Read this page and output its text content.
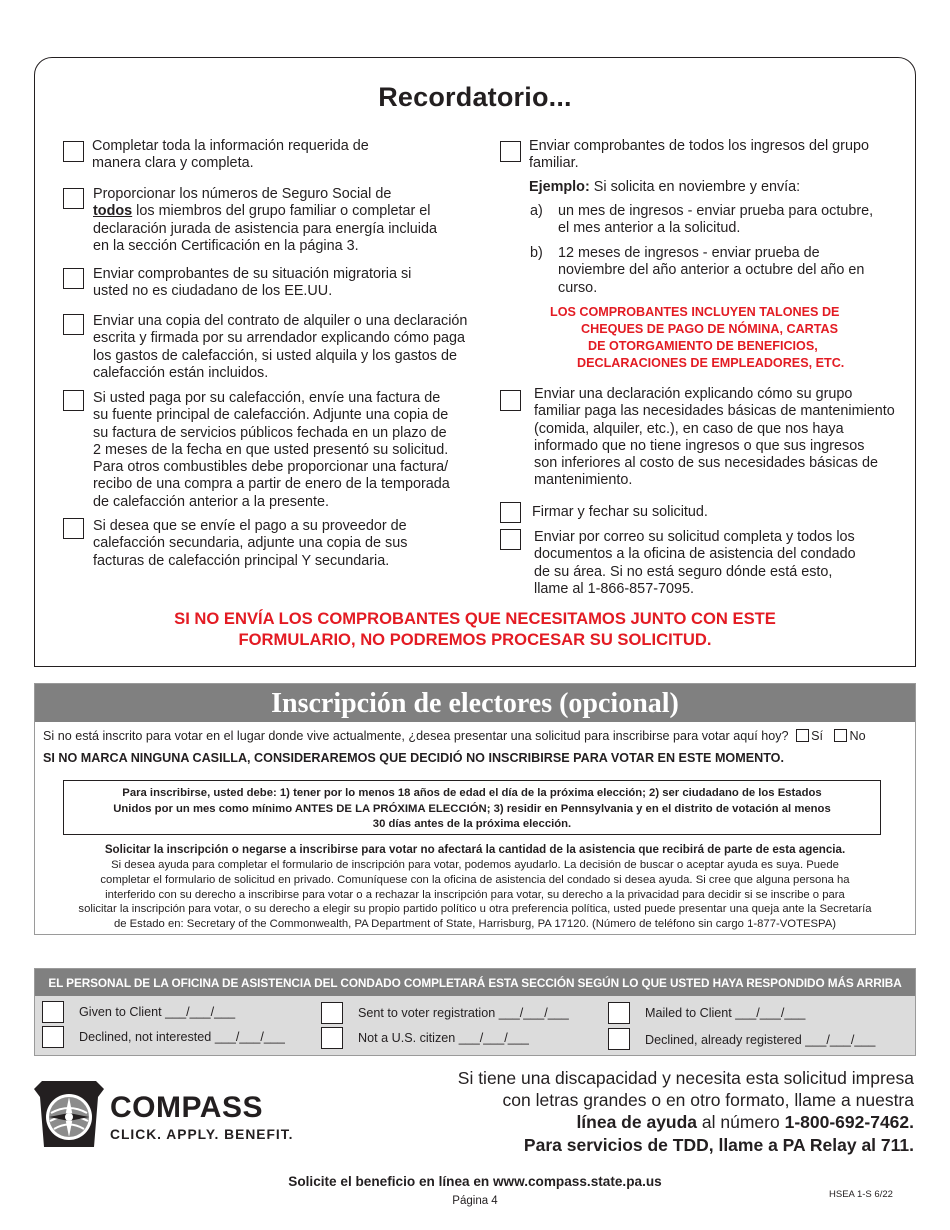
Recordatorio...
Completar toda la información requerida de
manera clara y completa.
Proporcionar los números de Seguro Social de
todos los miembros del grupo familiar o completar el
declaración jurada de asistencia para energía incluida
en la sección Certificación en la página 3.
Enviar comprobantes de su situación migratoria si
usted no es ciudadano de los EE.UU.
Enviar una copia del contrato de alquiler o una declaración
escrita y firmada por su arrendador explicando cómo paga
los gastos de calefacción, si usted alquila y los gastos de
calefacción están incluidos.
Si usted paga por su calefacción, envíe una factura de
su fuente principal de calefacción. Adjunte una copia de
su factura de servicios públicos fechada en un plazo de
2 meses de la fecha en que usted presentó su solicitud.
Para otros combustibles debe proporcionar una factura/
recibo de una compra a partir de enero de la temporada
de calefacción anterior a la presente.
Si desea que se envíe el pago a su proveedor de
calefacción secundaria, adjunte una copia de sus
facturas de calefacción principal Y secundaria.
Enviar comprobantes de todos los ingresos del grupo
familiar.
Ejemplo: Si solicita en noviembre y envía:
a) un mes de ingresos - enviar prueba para octubre,
el mes anterior a la solicitud.
b) 12 meses de ingresos - enviar prueba de
noviembre del año anterior a octubre del año en
curso.
LOS COMPROBANTES INCLUYEN TALONES DE
CHEQUES DE PAGO DE NÓMINA, CARTAS
DE OTORGAMIENTO DE BENEFICIOS,
DECLARACIONES DE EMPLEADORES, ETC.
Enviar una declaración explicando cómo su grupo
familiar paga las necesidades básicas de mantenimiento
(comida, alquiler, etc.), en caso de que nos haya
informado que no tiene ingresos o que sus ingresos
son inferiores al costo de sus necesidades básicas de
mantenimiento.
Firmar y fechar su solicitud.
Enviar por correo su solicitud completa y todos los
documentos a la oficina de asistencia del condado
de su área. Si no está seguro dónde está esto,
llame al 1-866-857-7095.
SI NO ENVÍA LOS COMPROBANTES QUE NECESITAMOS JUNTO CON ESTE
FORMULARIO, NO PODREMOS PROCESAR SU SOLICITUD.
Inscripción de electores (opcional)
Si no está inscrito para votar en el lugar donde vive actualmente, ¿desea presentar una solicitud para inscribirse para votar aquí hoy? Sí No
SI NO MARCA NINGUNA CASILLA, CONSIDERAREMOS QUE DECIDIÓ NO INSCRIBIRSE PARA VOTAR EN ESTE MOMENTO.
Para inscribirse, usted debe: 1) tener por lo menos 18 años de edad el día de la próxima elección; 2) ser ciudadano de los Estados
Unidos por un mes como mínimo ANTES DE LA PRÓXIMA ELECCIÓN; 3) residir en Pennsylvania y en el distrito de votación al menos
30 días antes de la próxima elección.
Solicitar la inscripción o negarse a inscribirse para votar no afectará la cantidad de la asistencia que recibirá de parte de esta agencia.
Si desea ayuda para completar el formulario de inscripción para votar, podemos ayudarlo. La decisión de buscar o aceptar ayuda es suya. Puede
completar el formulario de solicitud en privado. Comuníquese con la oficina de asistencia del condado si desea ayuda. Si cree que alguna persona ha
interferido con su derecho a inscribirse para votar o a rechazar la inscripción para votar, su derecho a la privacidad para decidir si se inscribe o para
solicitar la inscripción para votar, o su derecho a elegir su propio partido político u otra preferencia política, usted puede presentar una queja ante la Secretaría
de Estado en: Secretary of the Commonwealth, PA Department of State, Harrisburg, PA 17120. (Número de teléfono sin cargo 1-877-VOTESPA)
EL PERSONAL DE LA OFICINA DE ASISTENCIA DEL CONDADO COMPLETARÁ ESTA SECCIÓN SEGÚN LO QUE USTED HAYA RESPONDIDO MÁS ARRIBA
Given to Client ___/___/___
Declined, not interested ___/___/___
Sent to voter registration ___/___/___
Not a U.S. citizen ___/___/___
Mailed to Client ___/___/___
Declined, already registered ___/___/___
COMPASS
CLICK. APPLY. BENEFIT.
Si tiene una discapacidad y necesita esta solicitud impresa
con letras grandes o en otro formato, llame a nuestra
línea de ayuda al número 1-800-692-7462.
Para servicios de TDD, llame a PA Relay al 711.
Solicite el beneficio en línea en www.compass.state.pa.us
Página 4
HSEA 1-S 6/22
